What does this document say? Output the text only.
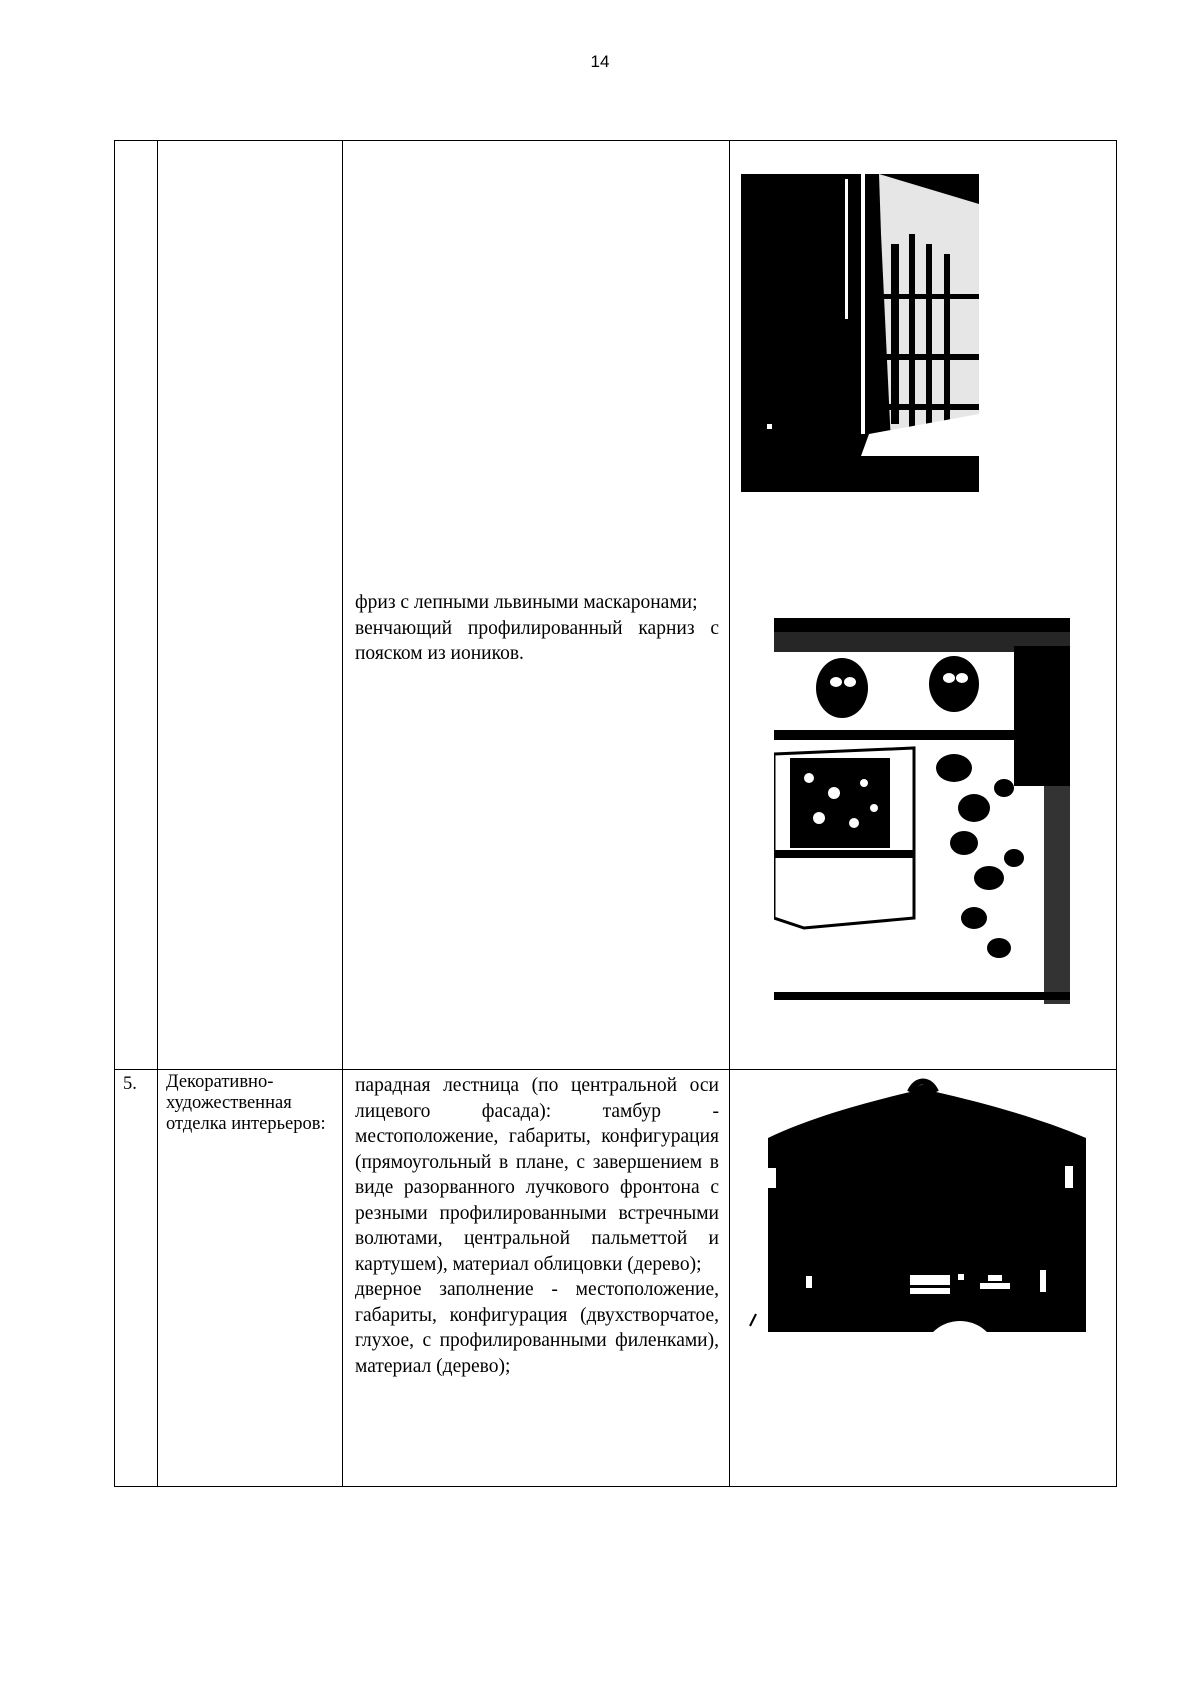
14

		фриз с лепными львиными маскаронами;

венчающий профилированный карниз с пояском из иоников.

5.	Декоративно-художественная отделка интерьеров:	парадная лестница (по центральной оси лицевого фасада): тамбур - местоположение, габариты, конфигурация (прямоугольный в плане, с завершением в виде разорванного лучкового фронтона с резными профилированными встречными волютами, центральной пальметтой и картушем), материал облицовки (дерево);

дверное заполнение - местоположение, габариты, конфигурация (двухстворчатое, глухое, с профилированными филенками), материал (дерево);
